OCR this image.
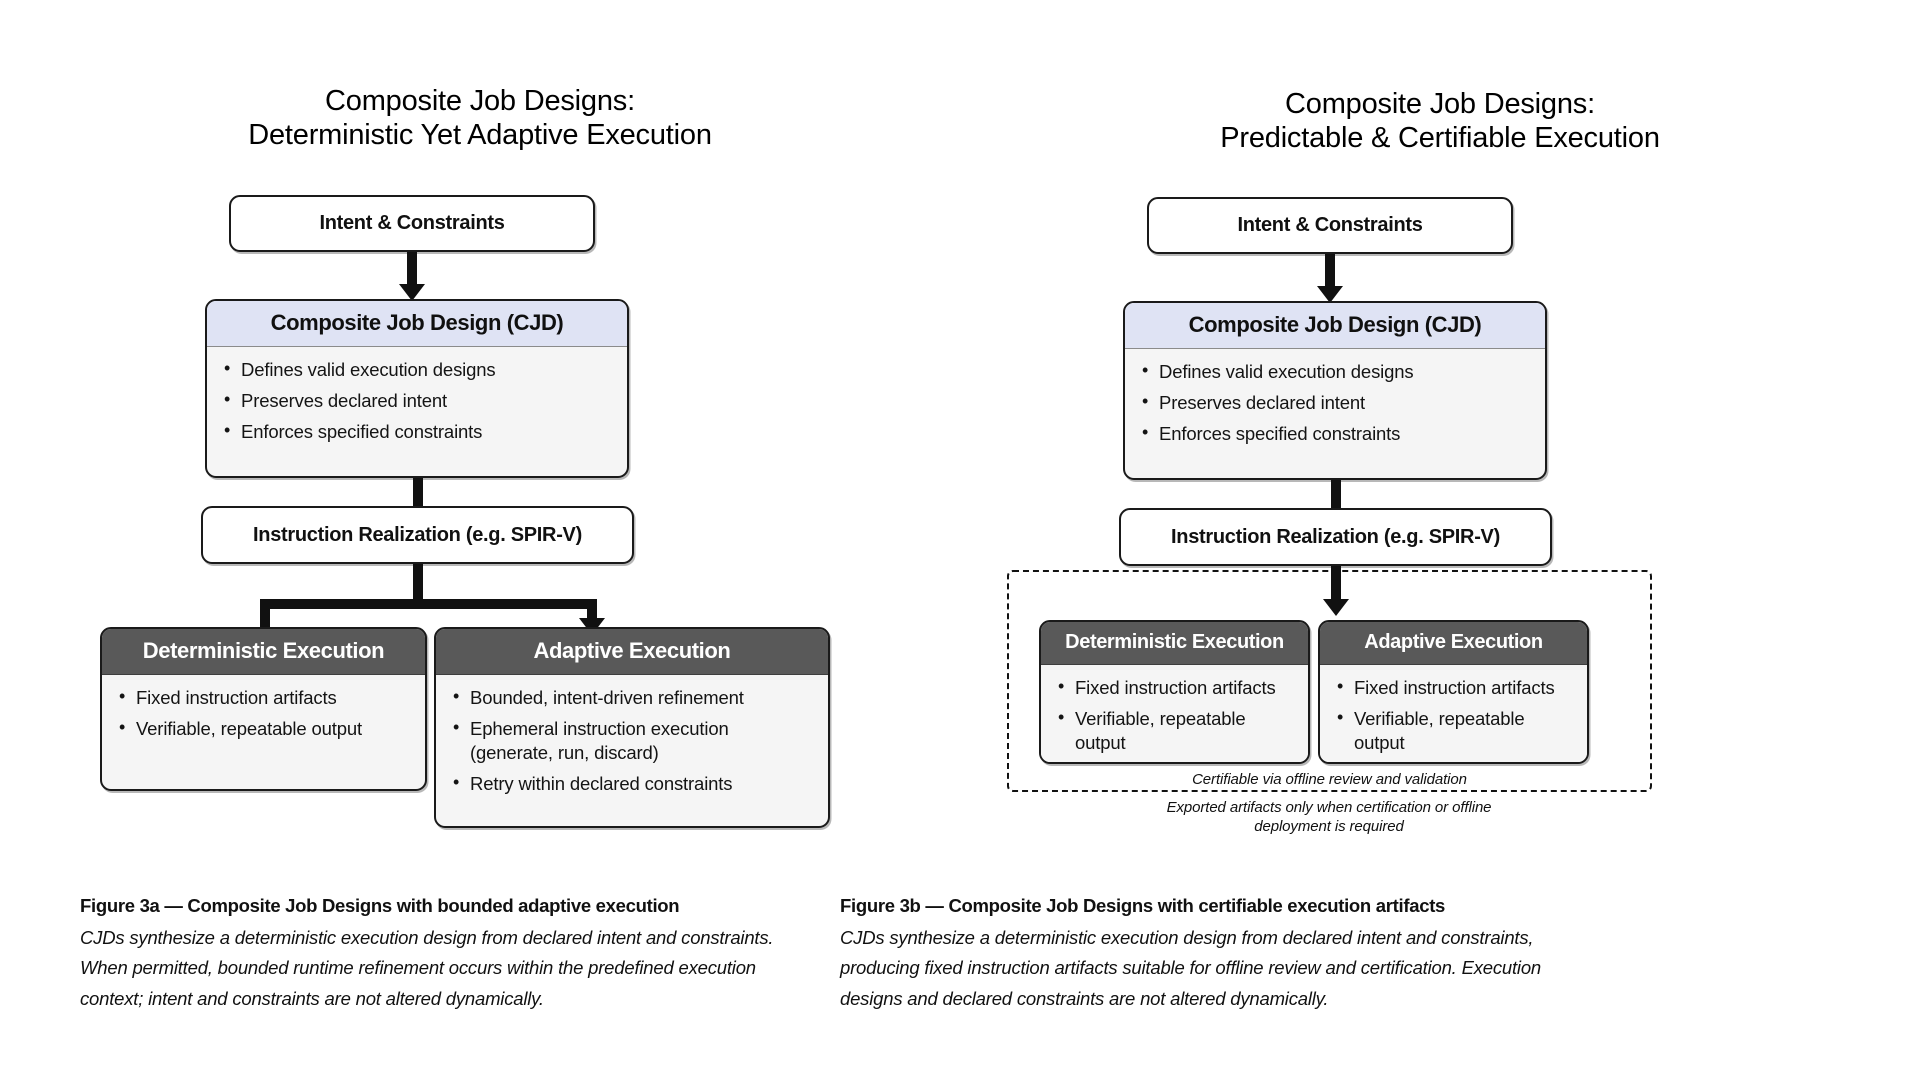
Composite Job Designs:
Deterministic Yet Adaptive Execution
Intent & Constraints
Composite Job Design (CJD)
• Defines valid execution designs
• Preserves declared intent
• Enforces specified constraints
Instruction Realization (e.g. SPIR-V)
Deterministic Execution
• Fixed instruction artifacts
• Verifiable, repeatable output
Adaptive Execution
• Bounded, intent-driven refinement
• Ephemeral instruction execution (generate, run, discard)
• Retry within declared constraints
Figure 3a — Composite Job Designs with bounded adaptive execution
CJDs synthesize a deterministic execution design from declared intent and constraints. When permitted, bounded runtime refinement occurs within the predefined execution context; intent and constraints are not altered dynamically.
Composite Job Designs:
Predictable & Certifiable Execution
Intent & Constraints
Composite Job Design (CJD)
• Defines valid execution designs
• Preserves declared intent
• Enforces specified constraints
Instruction Realization (e.g. SPIR-V)
Deterministic Execution
• Fixed instruction artifacts
• Verifiable, repeatable output
Adaptive Execution
• Fixed instruction artifacts
• Verifiable, repeatable output
Certifiable via offline review and validation
Exported artifacts only when certification or offline deployment is required
Figure 3b — Composite Job Designs with certifiable execution artifacts
CJDs synthesize a deterministic execution design from declared intent and constraints, producing fixed instruction artifacts suitable for offline review and certification. Execution designs and declared constraints are not altered dynamically.
